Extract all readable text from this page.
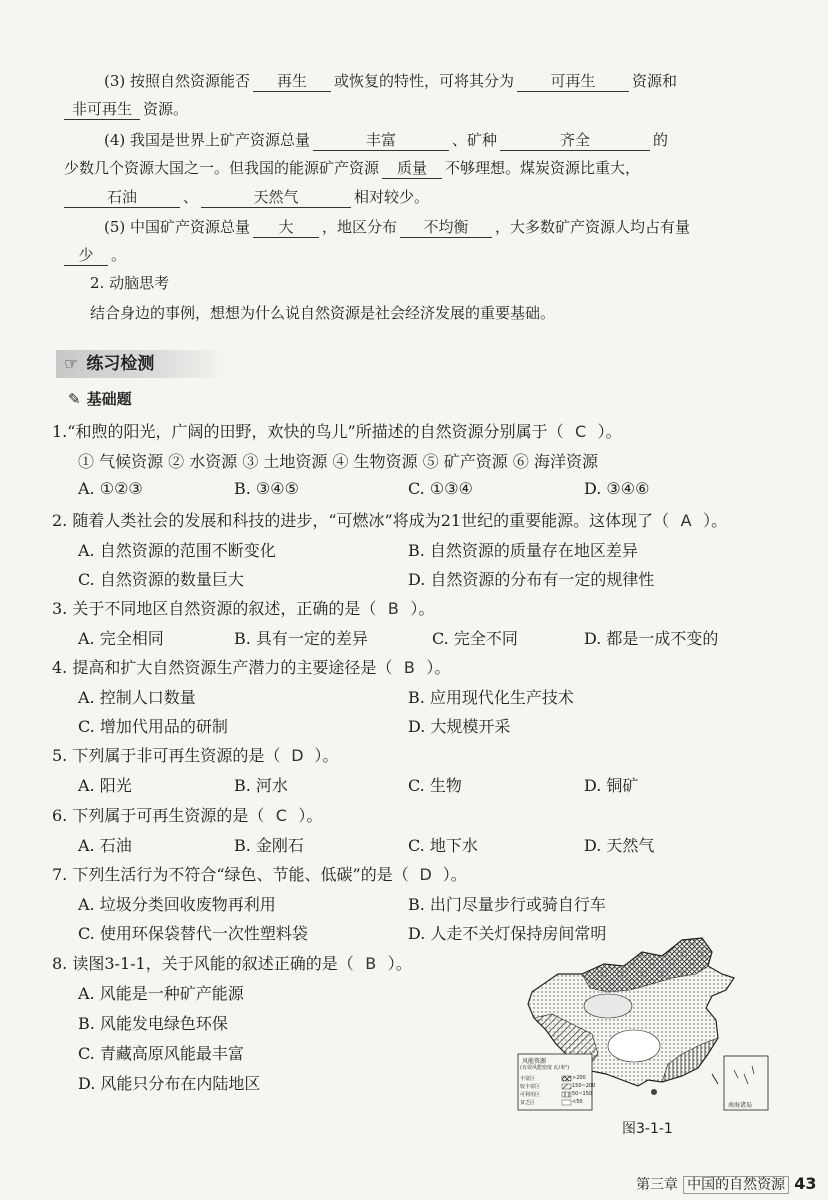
(3) 按照自然资源能否 再生 或恢复的特性，可将其分为 可再生 资源和
非可再生 资源。
(4) 我国是世界上矿产资源总量	丰富	、矿种	齐全	的
少数几个资源大国之一。但我国的能源矿产资源 质量 不够理想。煤炭资源比重大，
石油	、	天然气	相对较少。
(5) 中国矿产资源总量 大 ，地区分布 不均衡 ，大多数矿产资源人均占有量
少 。
2. 动脑思考
结合身边的事例，想想为什么说自然资源是社会经济发展的重要基础。
☞ 练习检测
✎ 基础题
1.“和煦的阳光，广阔的田野，欢快的鸟儿”所描述的自然资源分别属于（ C ）。
① 气候资源 ② 水资源 ③ 土地资源 ④ 生物资源 ⑤ 矿产资源 ⑥ 海洋资源
A. ①②③	B. ③④⑤	C. ①③④	D. ③④⑥
2. 随着人类社会的发展和科技的进步，“可燃冰”将成为21世纪的重要能源。这体现了（ A ）。
A. 自然资源的范围不断变化	B. 自然资源的质量存在地区差异
C. 自然资源的数量巨大	D. 自然资源的分布有一定的规律性
3. 关于不同地区自然资源的叙述，正确的是（ B ）。
A. 完全相同	B. 具有一定的差异	C. 完全不同	D. 都是一成不变的
4. 提高和扩大自然资源生产潜力的主要途径是（ B ）。
A. 控制人口数量	B. 应用现代化生产技术
C. 增加代用品的研制	D. 大规模开采
5. 下列属于非可再生资源的是（ D ）。
A. 阳光	B. 河水	C. 生物	D. 铜矿
6. 下列属于可再生资源的是（ C ）。
A. 石油	B. 金刚石	C. 地下水	D. 天然气
7. 下列生活行为不符合“绿色、节能、低碳”的是（ D ）。
A. 垃圾分类回收废物再利用	B. 出门尽量步行或骑自行车
C. 使用环保袋替代一次性塑料袋	D. 人走不关灯保持房间常明
8. 读图3-1-1，关于风能的叙述正确的是（ B ）。
A. 风能是一种矿产能源
B. 风能发电绿色环保
C. 青藏高原风能最丰富
D. 风能只分布在内陆地区
风能资源
(有效风能密度 瓦/米²)
丰富区	>200
较丰富区	150~200
可利用区	50~150
贫乏区	<50	南海诸岛
图3-1-1
第三章 中国的自然资源 43
